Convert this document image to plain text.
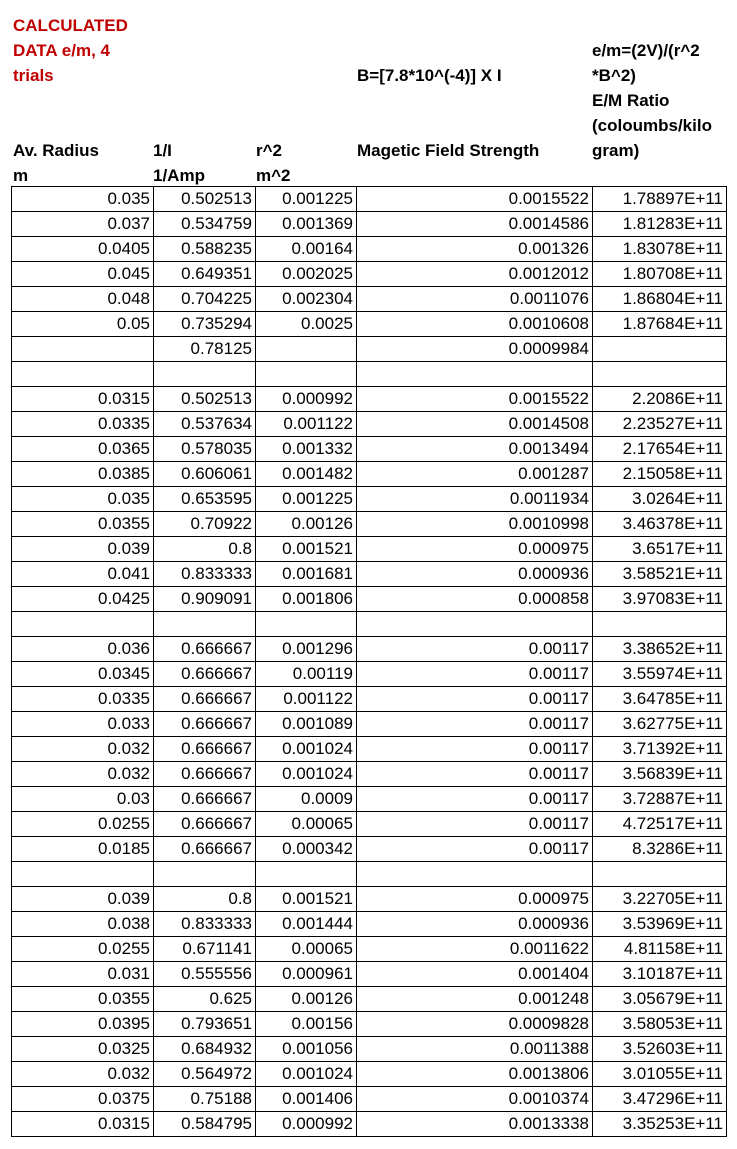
CALCULATED
DATA e/m, 4
trials	B=[7.8*10^(-4)] X I
e/m=(2V)/(r^2
*B^2)
Av. Radius	1/I	r^2	Magetic Field Strength
E/M Ratio
(coloumbs/kilo
gram)
m	1/Amp	m^2
0.035	0.502513	0.001225	0.0015522	1.78897E+11
0.037	0.534759	0.001369	0.0014586	1.81283E+11
0.0405	0.588235	0.00164	0.001326	1.83078E+11
0.045	0.649351	0.002025	0.0012012	1.80708E+11
0.048	0.704225	0.002304	0.0011076	1.86804E+11
0.05	0.735294	0.0025	0.0010608	1.87684E+11
	0.78125		0.0009984	

0.0315	0.502513	0.000992	0.0015522	2.2086E+11
0.0335	0.537634	0.001122	0.0014508	2.23527E+11
0.0365	0.578035	0.001332	0.0013494	2.17654E+11
0.0385	0.606061	0.001482	0.001287	2.15058E+11
0.035	0.653595	0.001225	0.0011934	3.0264E+11
0.0355	0.70922	0.00126	0.0010998	3.46378E+11
0.039	0.8	0.001521	0.000975	3.6517E+11
0.041	0.833333	0.001681	0.000936	3.58521E+11
0.0425	0.909091	0.001806	0.000858	3.97083E+11

0.036	0.666667	0.001296	0.00117	3.38652E+11
0.0345	0.666667	0.00119	0.00117	3.55974E+11
0.0335	0.666667	0.001122	0.00117	3.64785E+11
0.033	0.666667	0.001089	0.00117	3.62775E+11
0.032	0.666667	0.001024	0.00117	3.71392E+11
0.032	0.666667	0.001024	0.00117	3.56839E+11
0.03	0.666667	0.0009	0.00117	3.72887E+11
0.0255	0.666667	0.00065	0.00117	4.72517E+11
0.0185	0.666667	0.000342	0.00117	8.3286E+11

0.039	0.8	0.001521	0.000975	3.22705E+11
0.038	0.833333	0.001444	0.000936	3.53969E+11
0.0255	0.671141	0.00065	0.0011622	4.81158E+11
0.031	0.555556	0.000961	0.001404	3.10187E+11
0.0355	0.625	0.00126	0.001248	3.05679E+11
0.0395	0.793651	0.00156	0.0009828	3.58053E+11
0.0325	0.684932	0.001056	0.0011388	3.52603E+11
0.032	0.564972	0.001024	0.0013806	3.01055E+11
0.0375	0.75188	0.001406	0.0010374	3.47296E+11
0.0315	0.584795	0.000992	0.0013338	3.35253E+11
